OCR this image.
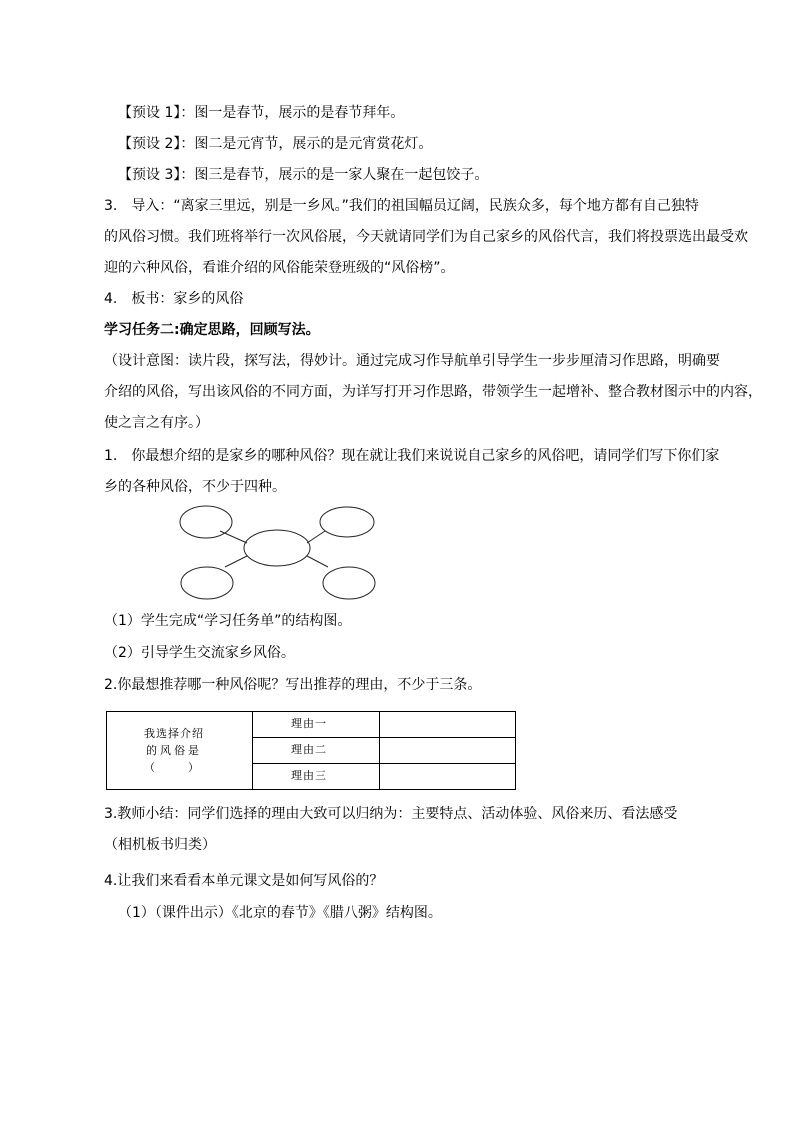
【预设 1】：图一是春节，展示的是春节拜年。
【预设 2】：图二是元宵节，展示的是元宵赏花灯。
【预设 3】：图三是春节，展示的是一家人聚在一起包饺子。
3.　导入：“离家三里远，别是一乡风。”我们的祖国幅员辽阔，民族众多，每个地方都有自己独特
的风俗习惯。我们班将举行一次风俗展，今天就请同学们为自己家乡的风俗代言，我们将投票选出最受欢
迎的六种风俗，看谁介绍的风俗能荣登班级的“风俗榜”。
4.　板书：家乡的风俗
学习任务二:确定思路，回顾写法。
（设计意图：读片段，探写法，得妙计。通过完成习作导航单引导学生一步步厘清习作思路，明确要
介绍的风俗，写出该风俗的不同方面，为详写打开习作思路，带领学生一起增补、整合教材图示中的内容，
使之言之有序。）
1.　你最想介绍的是家乡的哪种风俗？现在就让我们来说说自己家乡的风俗吧，请同学们写下你们家
乡的各种风俗，不少于四种。
（1）学生完成“学习任务单”的结构图。
（2）引导学生交流家乡风俗。
2.你最想推荐哪一种风俗呢？写出推荐的理由，不少于三条。
我选择介绍
的风俗是
（　　　）
理由一
理由二
理由三
3.教师小结：同学们选择的理由大致可以归纳为：主要特点、活动体验、风俗来历、看法感受
（相机板书归类）
4.让我们来看看本单元课文是如何写风俗的？
（1）（课件出示）《北京的春节》《腊八粥》结构图。
